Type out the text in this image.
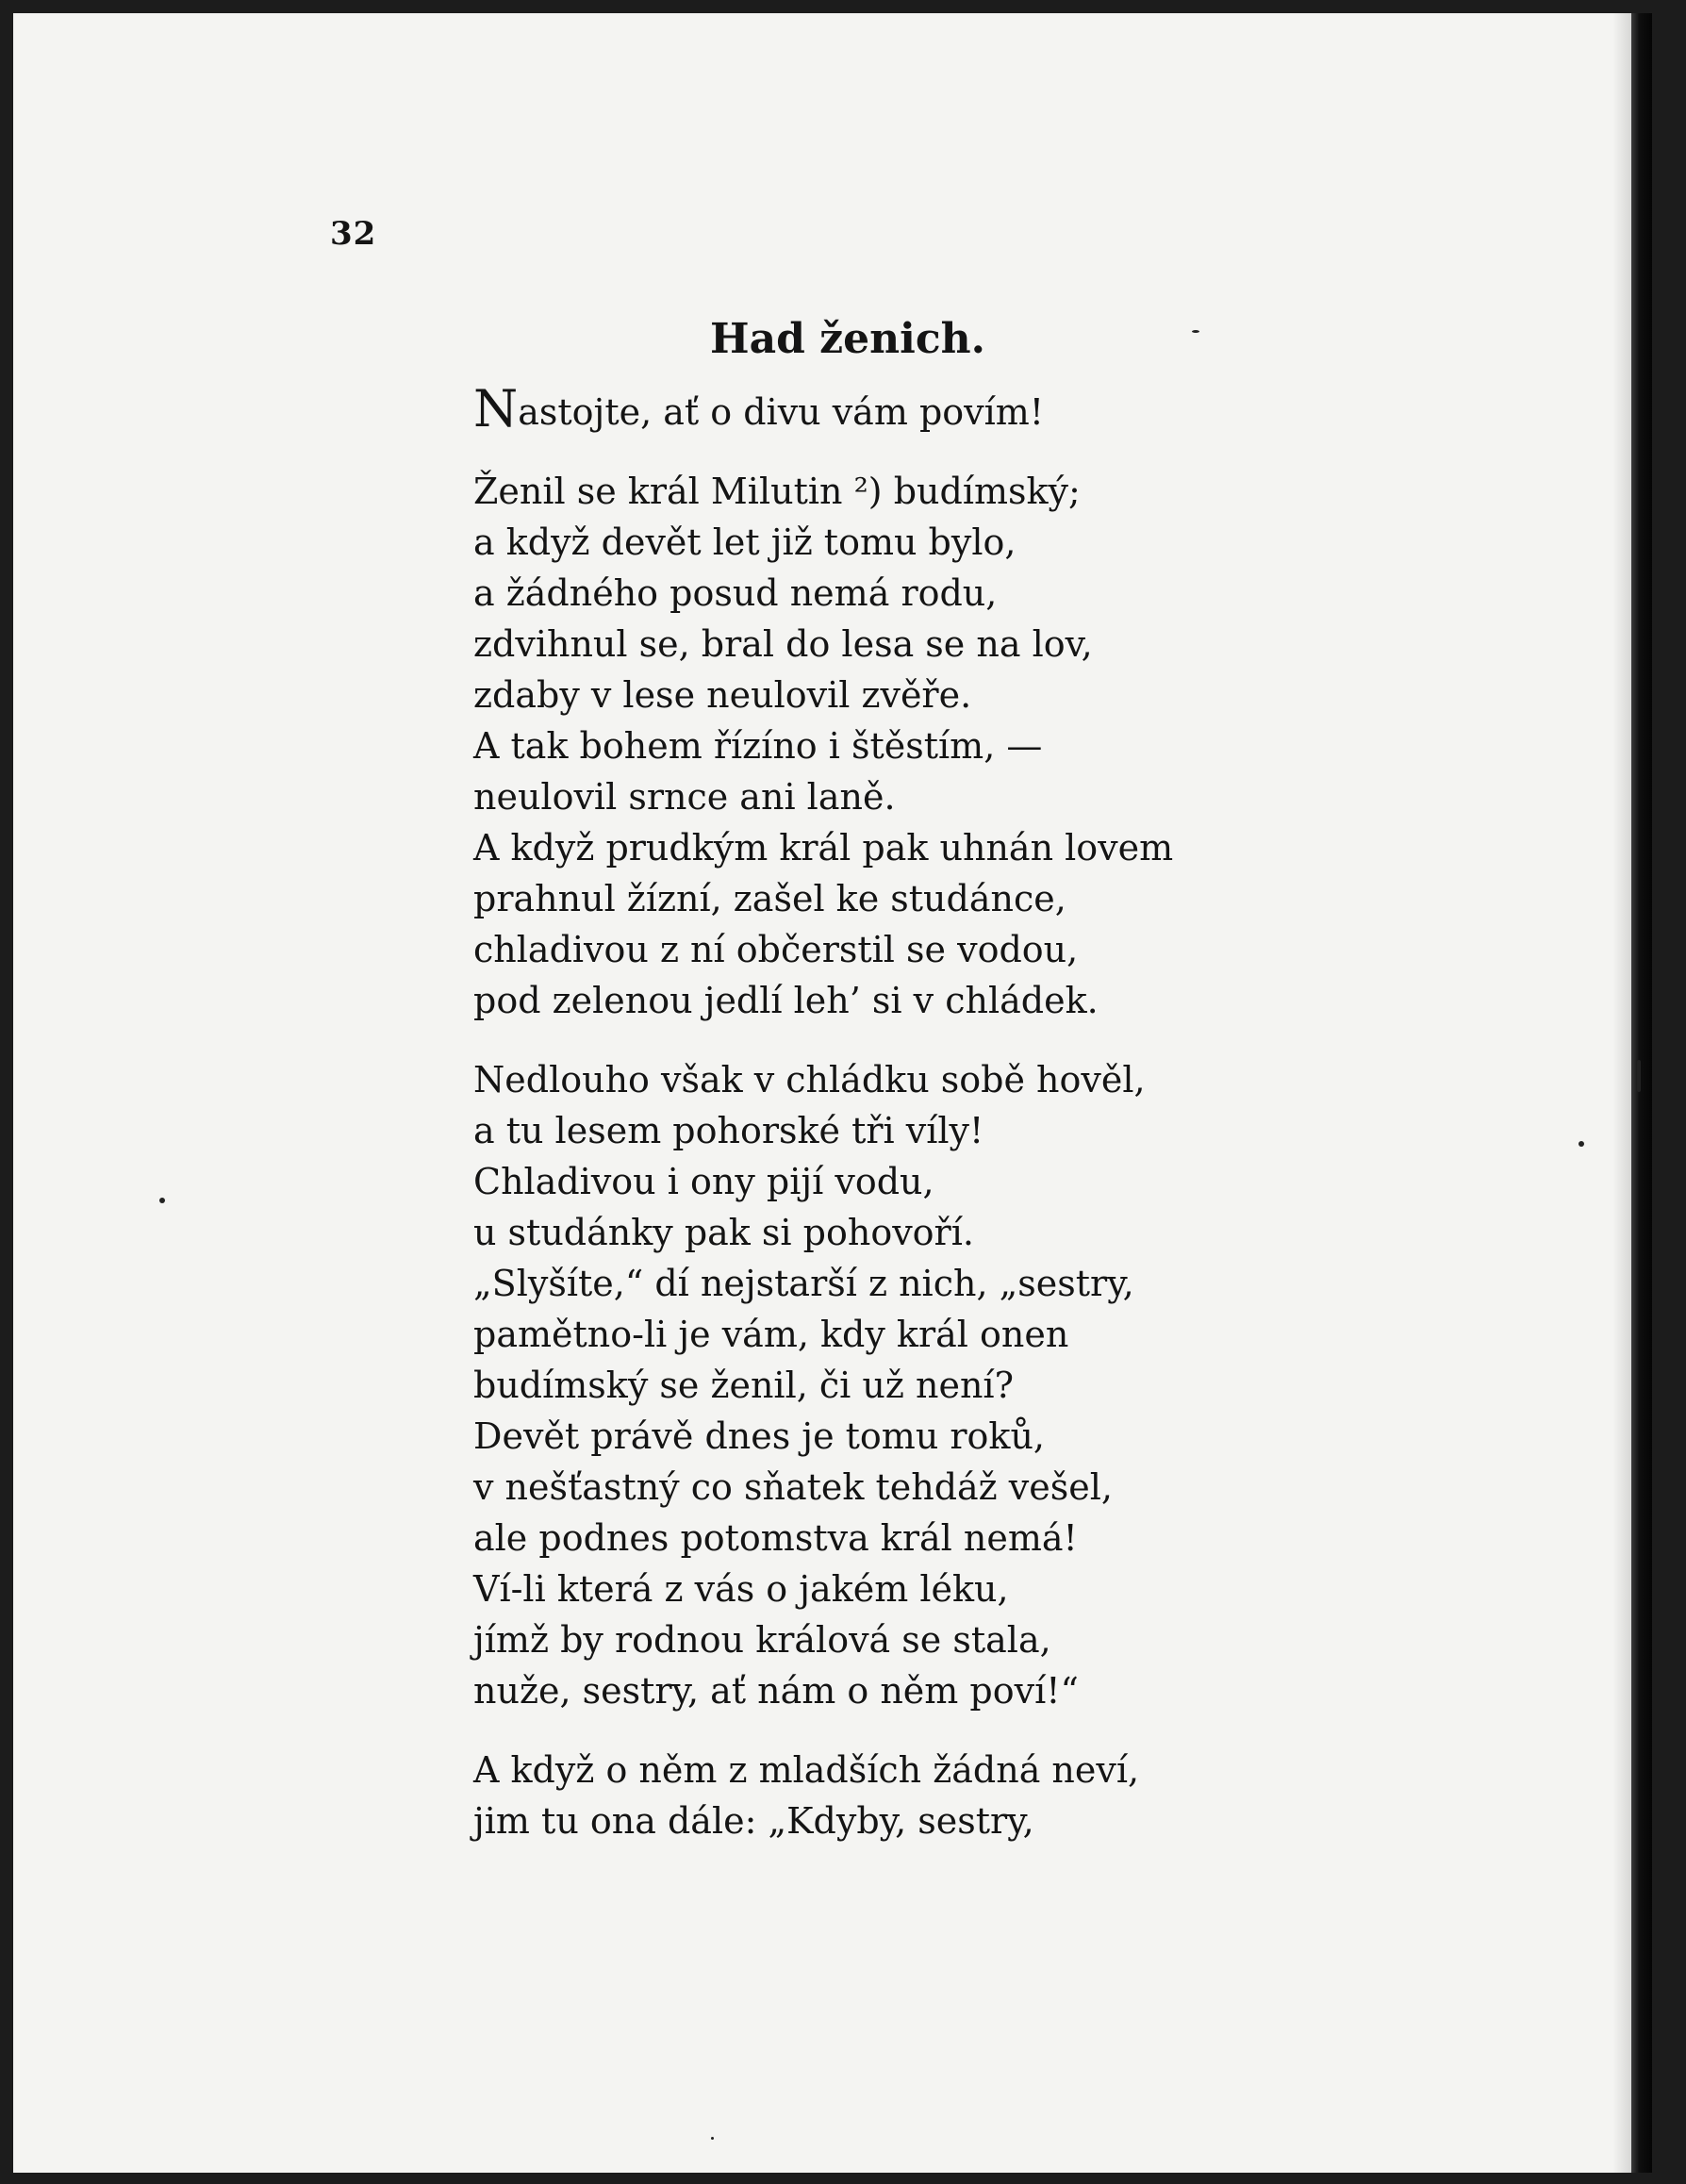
32
Had ženich.
Nastojte, ať o divu vám povím!
Ženil se král Milutin ²) budímský;
a když devět let již tomu bylo,
a žádného posud nemá rodu,
zdvihnul se, bral do lesa se na lov,
zdaby v lese neulovil zvěře.
A tak bohem řízíno i štěstím, —
neulovil srnce ani laně.
A když prudkým král pak uhnán lovem
prahnul žízní, zašel ke studánce,
chladivou z ní občerstil se vodou,
pod zelenou jedlí leh’ si v chládek.
Nedlouho však v chládku sobě hověl,
a tu lesem pohorské tři víly!
Chladivou i ony pijí vodu,
u studánky pak si pohovoří.
„Slyšíte,“ dí nejstarší z nich, „sestry,
pamětno-li je vám, kdy král onen
budímský se ženil, či už není?
Devět právě dnes je tomu roků,
v nešťastný co sňatek tehdáž vešel,
ale podnes potomstva král nemá!
Ví-li která z vás o jakém léku,
jímž by rodnou králová se stala,
nuže, sestry, ať nám o něm poví!“
A když o něm z mladších žádná neví,
jim tu ona dále: „Kdyby, sestry,
